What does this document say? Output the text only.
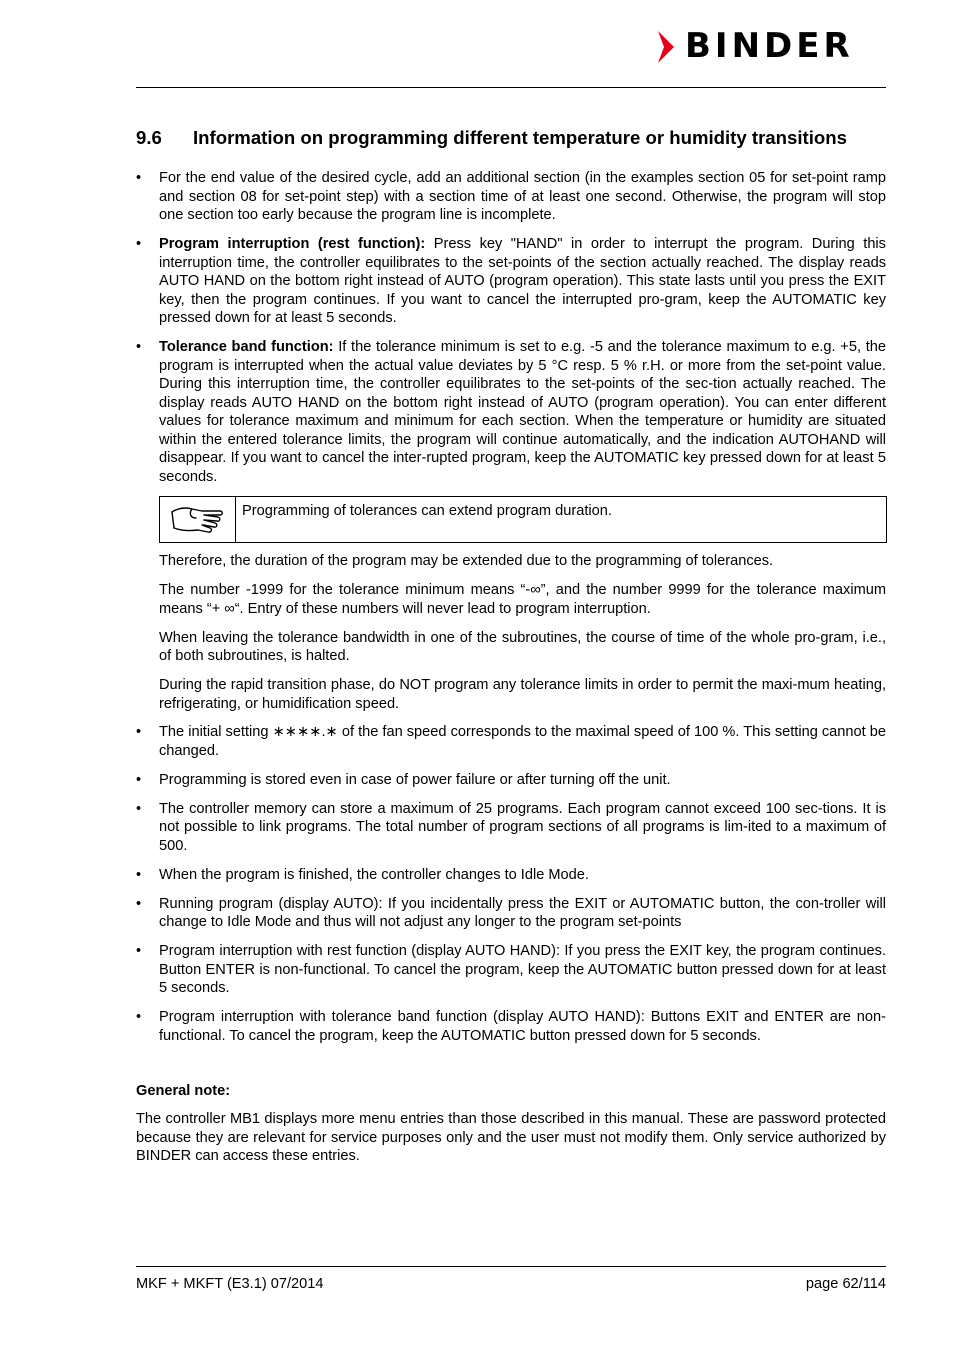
BINDER
9.6 Information on programming different temperature or humidity transitions
• For the end value of the desired cycle, add an additional section (in the examples section 05 for set-point ramp and section 08 for set-point step) with a section time of at least one second. Otherwise, the program will stop one section too early because the program line is incomplete.
• Program interruption (rest function): Press key "HAND" in order to interrupt the program. During this interruption time, the controller equilibrates to the set-points of the section actually reached. The display reads AUTO HAND on the bottom right instead of AUTO (program operation). This state lasts until you press the EXIT key, then the program continues. If you want to cancel the interrupted pro-gram, keep the AUTOMATIC key pressed down for at least 5 seconds.
• Tolerance band function: If the tolerance minimum is set to e.g. -5 and the tolerance maximum to e.g. +5, the program is interrupted when the actual value deviates by 5 °C resp. 5 % r.H. or more from the set-point value. During this interruption time, the controller equilibrates to the set-points of the sec-tion actually reached. The display reads AUTO HAND on the bottom right instead of AUTO (program operation). You can enter different values for tolerance maximum and minimum for each section. When the temperature or humidity are situated within the entered tolerance limits, the program will continue automatically, and the indication AUTOHAND will disappear. If you want to cancel the inter-rupted program, keep the AUTOMATIC key pressed down for at least 5 seconds.
Programming of tolerances can extend program duration.
Therefore, the duration of the program may be extended due to the programming of tolerances.
The number -1999 for the tolerance minimum means “-∞”, and the number 9999 for the tolerance maximum means “+ ∞“. Entry of these numbers will never lead to program interruption.
When leaving the tolerance bandwidth in one of the subroutines, the course of time of the whole pro-gram, i.e., of both subroutines, is halted.
During the rapid transition phase, do NOT program any tolerance limits in order to permit the maxi-mum heating, refrigerating, or humidification speed.
• The initial setting ∗∗∗∗.∗ of the fan speed corresponds to the maximal speed of 100 %. This setting cannot be changed.
• Programming is stored even in case of power failure or after turning off the unit.
• The controller memory can store a maximum of 25 programs. Each program cannot exceed 100 sec-tions. It is not possible to link programs. The total number of program sections of all programs is lim-ited to a maximum of 500.
• When the program is finished, the controller changes to Idle Mode.
• Running program (display AUTO): If you incidentally press the EXIT or AUTOMATIC button, the con-troller will change to Idle Mode and thus will not adjust any longer to the program set-points
• Program interruption with rest function (display AUTO HAND): If you press the EXIT key, the program continues. Button ENTER is non-functional. To cancel the program, keep the AUTOMATIC button pressed down for at least 5 seconds.
• Program interruption with tolerance band function (display AUTO HAND): Buttons EXIT and ENTER are non-functional. To cancel the program, keep the AUTOMATIC button pressed down for 5 seconds.
General note:
The controller MB1 displays more menu entries than those described in this manual. These are password protected because they are relevant for service purposes only and the user must not modify them. Only service authorized by BINDER can access these entries.
MKF + MKFT (E3.1) 07/2014	page 62/114
